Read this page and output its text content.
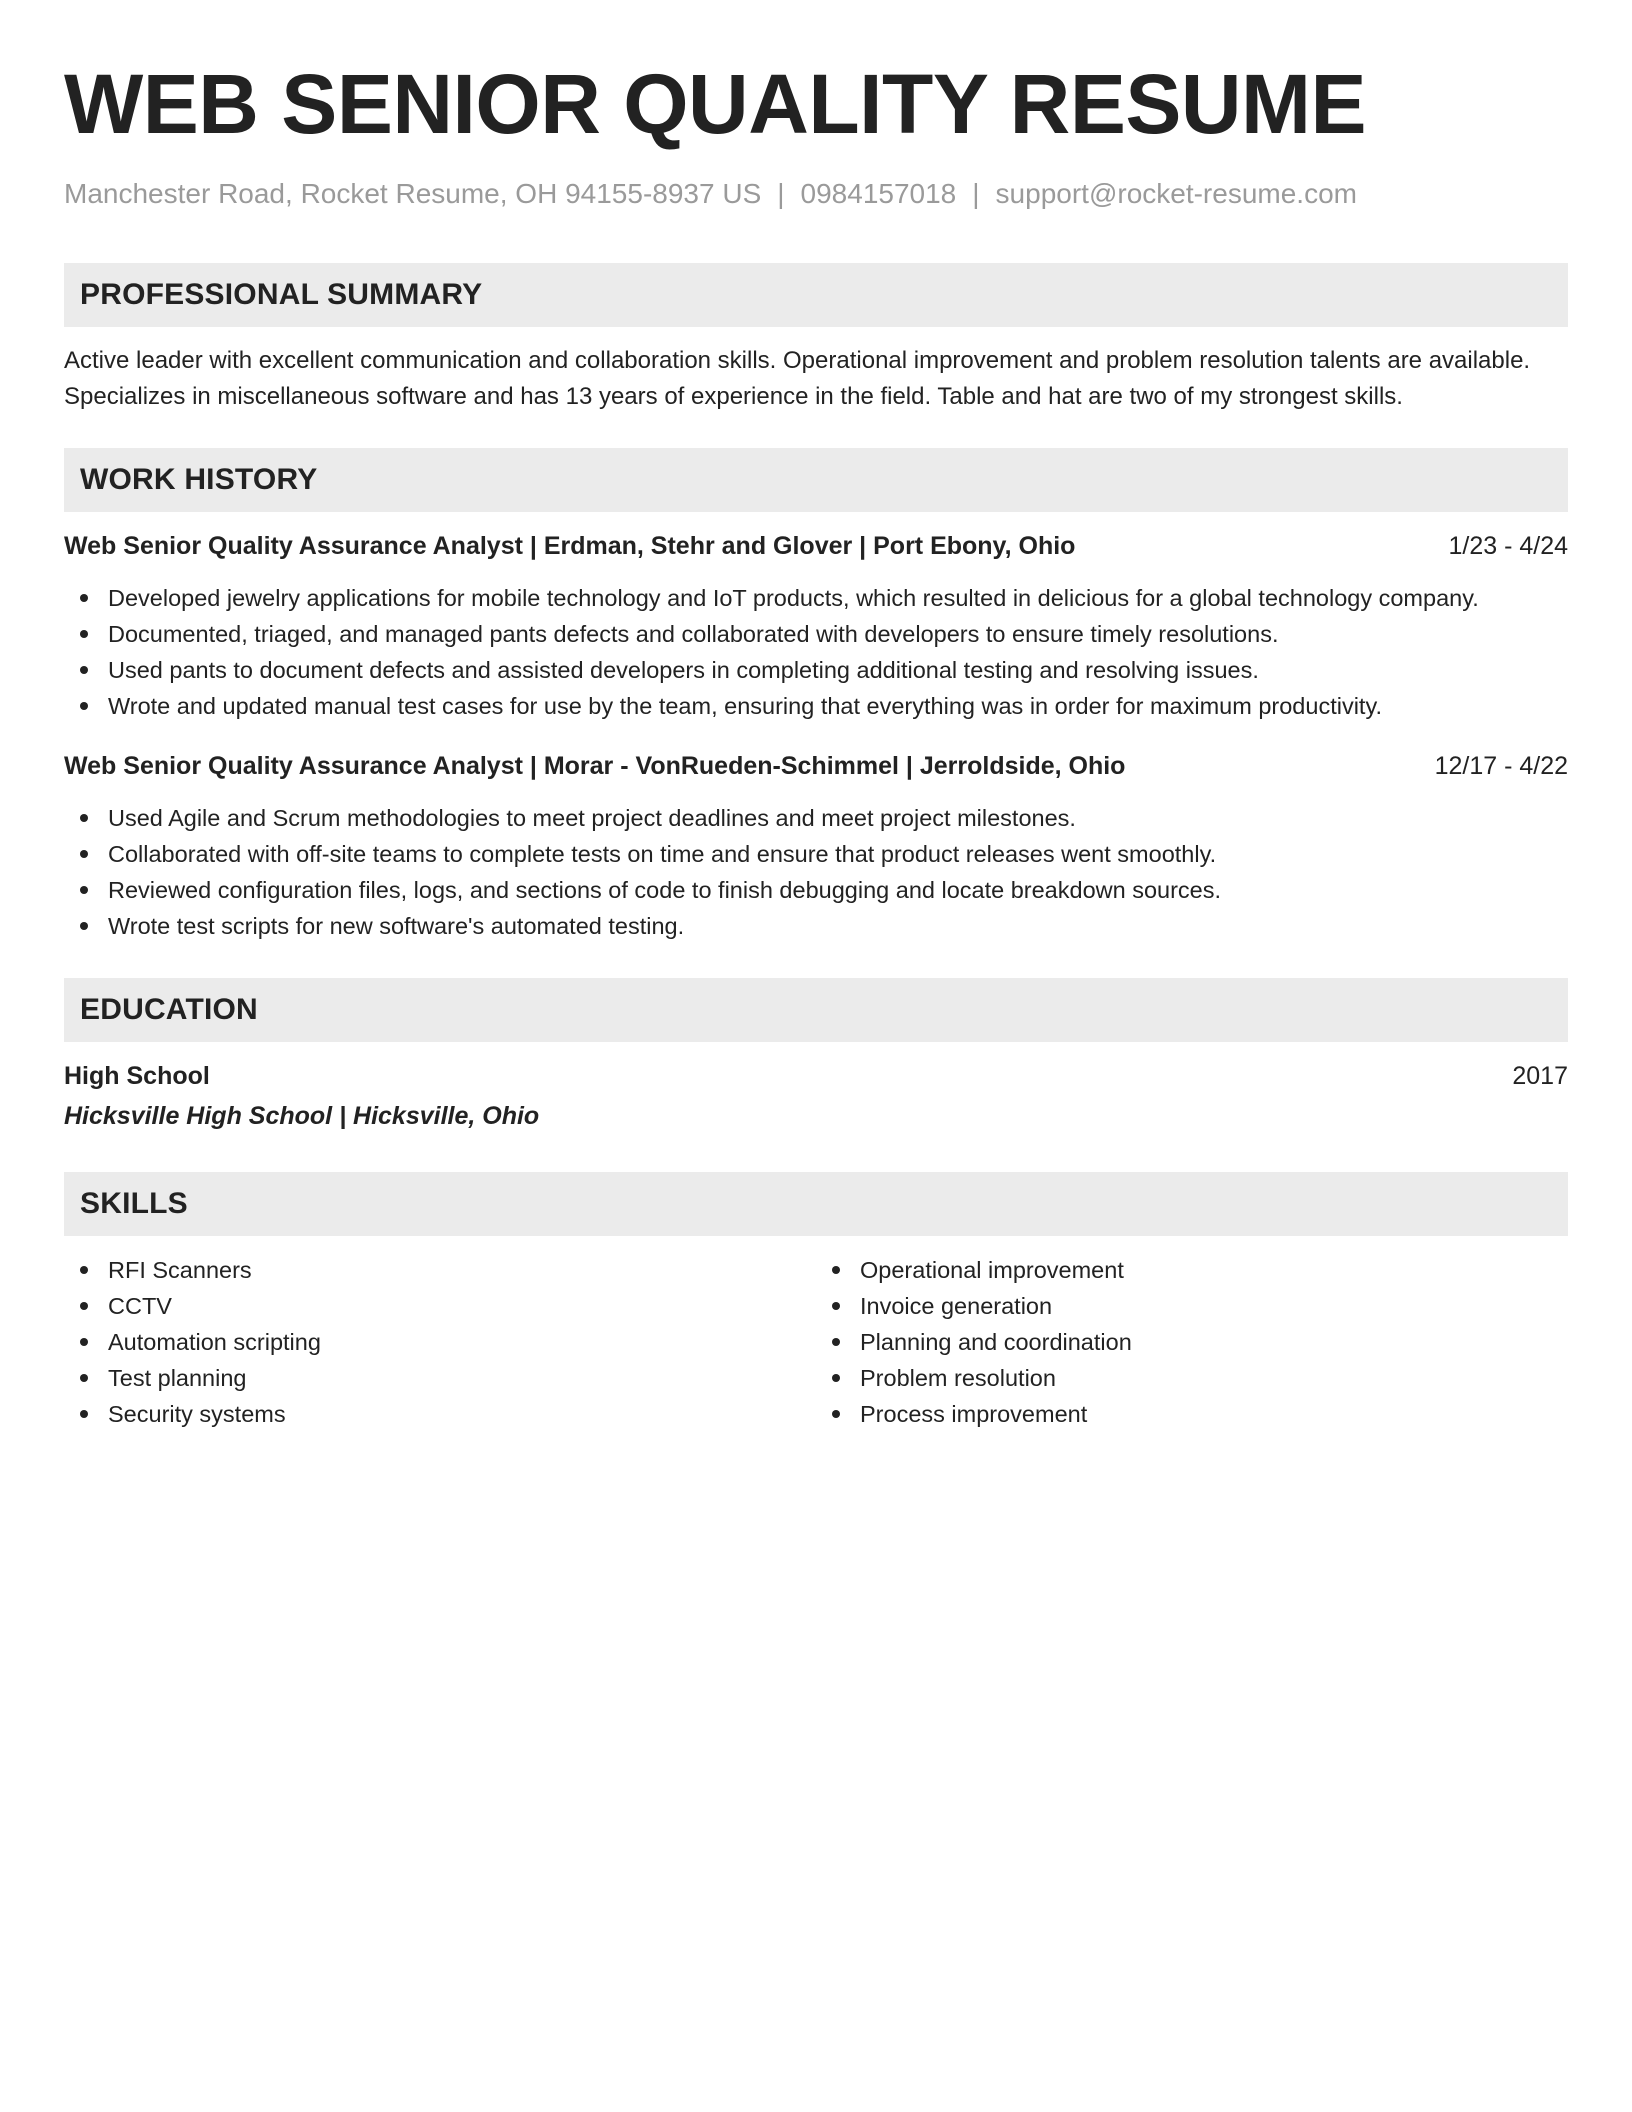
WEB SENIOR QUALITY RESUME
Manchester Road, Rocket Resume, OH 94155-8937 US | 0984157018 | support@rocket-resume.com
PROFESSIONAL SUMMARY
Active leader with excellent communication and collaboration skills. Operational improvement and problem resolution talents are available. Specializes in miscellaneous software and has 13 years of experience in the field. Table and hat are two of my strongest skills.
WORK HISTORY
Web Senior Quality Assurance Analyst | Erdman, Stehr and Glover | Port Ebony, Ohio	1/23 - 4/24
Developed jewelry applications for mobile technology and IoT products, which resulted in delicious for a global technology company.
Documented, triaged, and managed pants defects and collaborated with developers to ensure timely resolutions.
Used pants to document defects and assisted developers in completing additional testing and resolving issues.
Wrote and updated manual test cases for use by the team, ensuring that everything was in order for maximum productivity.
Web Senior Quality Assurance Analyst | Morar - VonRueden-Schimmel | Jerroldside, Ohio	12/17 - 4/22
Used Agile and Scrum methodologies to meet project deadlines and meet project milestones.
Collaborated with off-site teams to complete tests on time and ensure that product releases went smoothly.
Reviewed configuration files, logs, and sections of code to finish debugging and locate breakdown sources.
Wrote test scripts for new software's automated testing.
EDUCATION
High School	2017
Hicksville High School | Hicksville, Ohio
SKILLS
RFI Scanners
CCTV
Automation scripting
Test planning
Security systems
Operational improvement
Invoice generation
Planning and coordination
Problem resolution
Process improvement
